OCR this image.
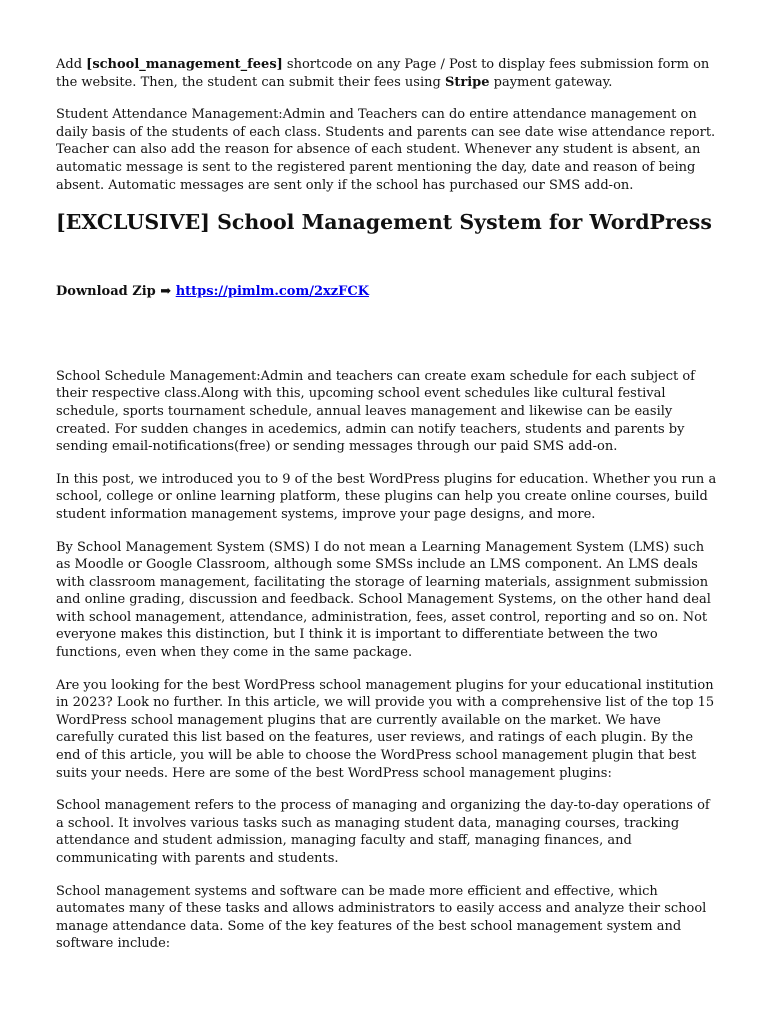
Add [school_management_fees] shortcode on any Page / Post to display fees submission form on the website. Then, the student can submit their fees using Stripe payment gateway.

Student Attendance Management:Admin and Teachers can do entire attendance management on daily basis of the students of each class. Students and parents can see date wise attendance report. Teacher can also add the reason for absence of each student. Whenever any student is absent, an automatic message is sent to the registered parent mentioning the day, date and reason of being absent. Automatic messages are sent only if the school has purchased our SMS add-on.

[EXCLUSIVE] School Management System for WordPress
Download Zip ➡ https://pimlm.com/2xzFCK

School Schedule Management:Admin and teachers can create exam schedule for each subject of their respective class.Along with this, upcoming school event schedules like cultural festival schedule, sports tournament schedule, annual leaves management and likewise can be easily created. For sudden changes in acedemics, admin can notify teachers, students and parents by sending email-notifications(free) or sending messages through our paid SMS add-on.

In this post, we introduced you to 9 of the best WordPress plugins for education. Whether you run a school, college or online learning platform, these plugins can help you create online courses, build student information management systems, improve your page designs, and more.

By School Management System (SMS) I do not mean a Learning Management System (LMS) such as Moodle or Google Classroom, although some SMSs include an LMS component. An LMS deals with classroom management, facilitating the storage of learning materials, assignment submission and online grading, discussion and feedback. School Management Systems, on the other hand deal with school management, attendance, administration, fees, asset control, reporting and so on. Not everyone makes this distinction, but I think it is important to differentiate between the two functions, even when they come in the same package.

Are you looking for the best WordPress school management plugins for your educational institution in 2023? Look no further. In this article, we will provide you with a comprehensive list of the top 15 WordPress school management plugins that are currently available on the market. We have carefully curated this list based on the features, user reviews, and ratings of each plugin. By the end of this article, you will be able to choose the WordPress school management plugin that best suits your needs. Here are some of the best WordPress school management plugins:

School management refers to the process of managing and organizing the day-to-day operations of a school. It involves various tasks such as managing student data, managing courses, tracking attendance and student admission, managing faculty and staff, managing finances, and communicating with parents and students.

School management systems and software can be made more efficient and effective, which automates many of these tasks and allows administrators to easily access and analyze their school manage attendance data. Some of the key features of the best school management system and software include:
